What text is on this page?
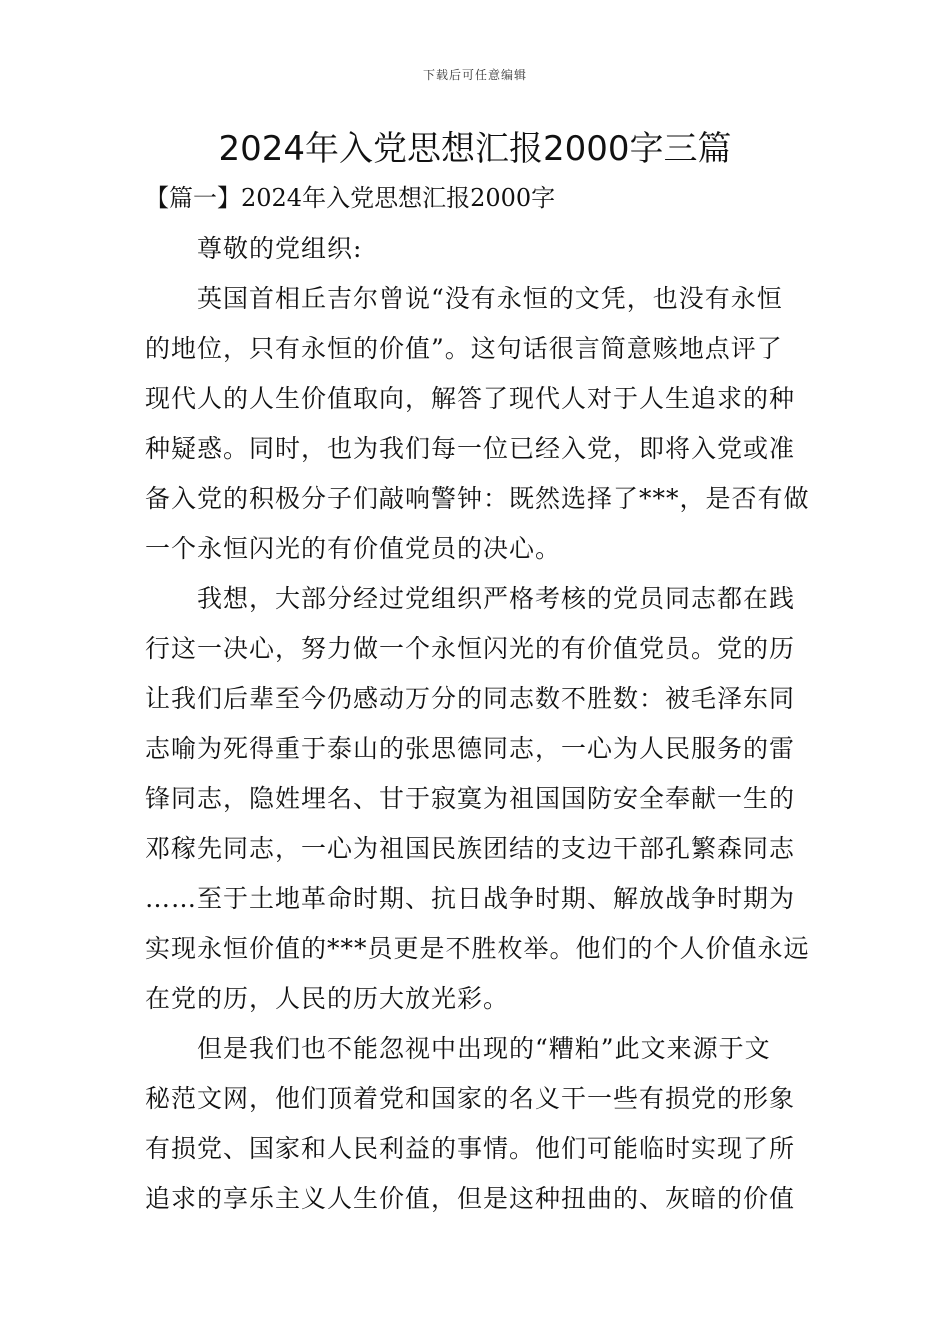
下载后可任意编辑
2024年入党思想汇报2000字三篇
【篇一】2024年入党思想汇报2000字

尊敬的党组织:

英国首相丘吉尔曾说“没有永恒的文凭，也没有永恒
的地位，只有永恒的价值”。这句话很言简意赅地点评了
现代人的人生价值取向，解答了现代人对于人生追求的种
种疑惑。同时，也为我们每一位已经入党，即将入党或准
备入党的积极分子们敲响警钟：既然选择了***，是否有做
一个永恒闪光的有价值党员的决心。

我想，大部分经过党组织严格考核的党员同志都在践
行这一决心，努力做一个永恒闪光的有价值党员。党的历
让我们后辈至今仍感动万分的同志数不胜数：被毛泽东同
志喻为死得重于泰山的张思德同志，一心为人民服务的雷
锋同志，隐姓埋名、甘于寂寞为祖国国防安全奉献一生的
邓稼先同志，一心为祖国民族团结的支边干部孔繁森同志
……至于土地革命时期、抗日战争时期、解放战争时期为
实现永恒价值的***员更是不胜枚举。他们的个人价值永远
在党的历，人民的历大放光彩。

但是我们也不能忽视中出现的“糟粕”此文来源于文
秘范文网，他们顶着党和国家的名义干一些有损党的形象
有损党、国家和人民利益的事情。他们可能临时实现了所
追求的享乐主义人生价值，但是这种扭曲的、灰暗的价值
